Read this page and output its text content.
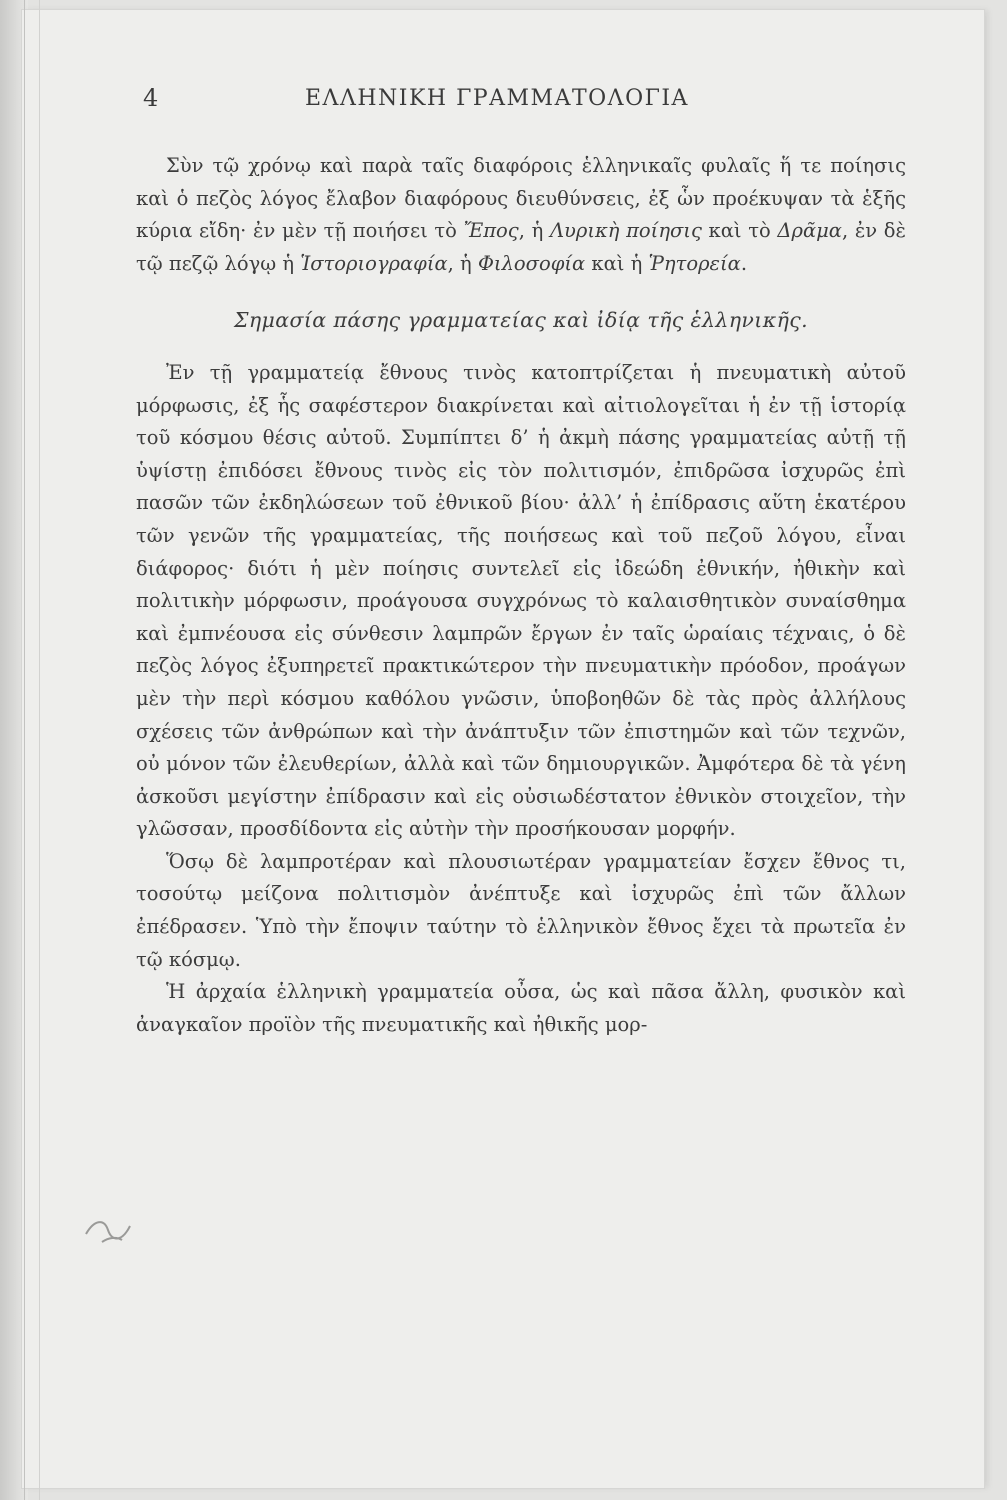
4	ΕΛΛΗΝΙΚΗ ΓΡΑΜΜΑΤΟΛΟΓΙΑ

Σὺν τῷ χρόνῳ καὶ παρὰ ταῖς διαφόροις ἑλληνικαῖς φυλαῖς ἥ τε ποίησις καὶ ὁ πεζὸς λόγος ἔλαβον διαφόρους διευθύνσεις, ἐξ ὧν προέκυψαν τὰ ἑξῆς κύρια εἴδη· ἐν μὲν τῇ ποιήσει τὸ Ἔπος, ἡ Λυρικὴ ποίησις καὶ τὸ Δρᾶμα, ἐν δὲ τῷ πεζῷ λόγῳ ἡ Ἱστοριογραφία, ἡ Φιλοσοφία καὶ ἡ Ῥητορεία.

Σημασία πάσης γραμματείας καὶ ἰδίᾳ τῆς ἑλληνικῆς.

Ἐν τῇ γραμματείᾳ ἔθνους τινὸς κατοπτρίζεται ἡ πνευματικὴ αὐτοῦ μόρφωσις, ἐξ ἧς σαφέστερον διακρίνεται καὶ αἰτιολογεῖται ἡ ἐν τῇ ἱστορίᾳ τοῦ κόσμου θέσις αὐτοῦ. Συμπίπτει δ’ ἡ ἀκμὴ πάσης γραμματείας αὐτῇ τῇ ὑψίστῃ ἐπιδόσει ἔθνους τινὸς εἰς τὸν πολιτισμόν, ἐπιδρῶσα ἰσχυρῶς ἐπὶ πασῶν τῶν ἐκδηλώσεων τοῦ ἐθνικοῦ βίου· ἀλλ’ ἡ ἐπίδρασις αὕτη ἑκατέρου τῶν γενῶν τῆς γραμματείας, τῆς ποιήσεως καὶ τοῦ πεζοῦ λόγου, εἶναι διάφορος· διότι ἡ μὲν ποίησις συντελεῖ εἰς ἰδεώδη ἐθνικήν, ἠθικὴν καὶ πολιτικὴν μόρφωσιν, προάγουσα συγχρόνως τὸ καλαισθητικὸν συναίσθημα καὶ ἐμπνέουσα εἰς σύνθεσιν λαμπρῶν ἔργων ἐν ταῖς ὡραίαις τέχναις, ὁ δὲ πεζὸς λόγος ἐξυπηρετεῖ πρακτικώτερον τὴν πνευματικὴν πρόοδον, προάγων μὲν τὴν περὶ κόσμου καθόλου γνῶσιν, ὑποβοηθῶν δὲ τὰς πρὸς ἀλλήλους σχέσεις τῶν ἀνθρώπων καὶ τὴν ἀνάπτυξιν τῶν ἐπιστημῶν καὶ τῶν τεχνῶν, οὐ μόνον τῶν ἐλευθερίων, ἀλλὰ καὶ τῶν δημιουργικῶν. Ἀμφότερα δὲ τὰ γένη ἀσκοῦσι μεγίστην ἐπίδρασιν καὶ εἰς οὐσιωδέστατον ἐθνικὸν στοιχεῖον, τὴν γλῶσσαν, προσδίδοντα εἰς αὐτὴν τὴν προσήκουσαν μορφήν.

Ὅσῳ δὲ λαμπροτέραν καὶ πλουσιωτέραν γραμματείαν ἔσχεν ἔθνος τι, τοσούτῳ μείζονα πολιτισμὸν ἀνέπτυξε καὶ ἰσχυρῶς ἐπὶ τῶν ἄλλων ἐπέδρασεν. Ὑπὸ τὴν ἔποψιν ταύτην τὸ ἑλληνικὸν ἔθνος ἔχει τὰ πρωτεῖα ἐν τῷ κόσμῳ.

Ἡ ἀρχαία ἑλληνικὴ γραμματεία οὖσα, ὡς καὶ πᾶσα ἄλλη, φυσικὸν καὶ ἀναγκαῖον προϊὸν τῆς πνευματικῆς καὶ ἠθικῆς μορ-
